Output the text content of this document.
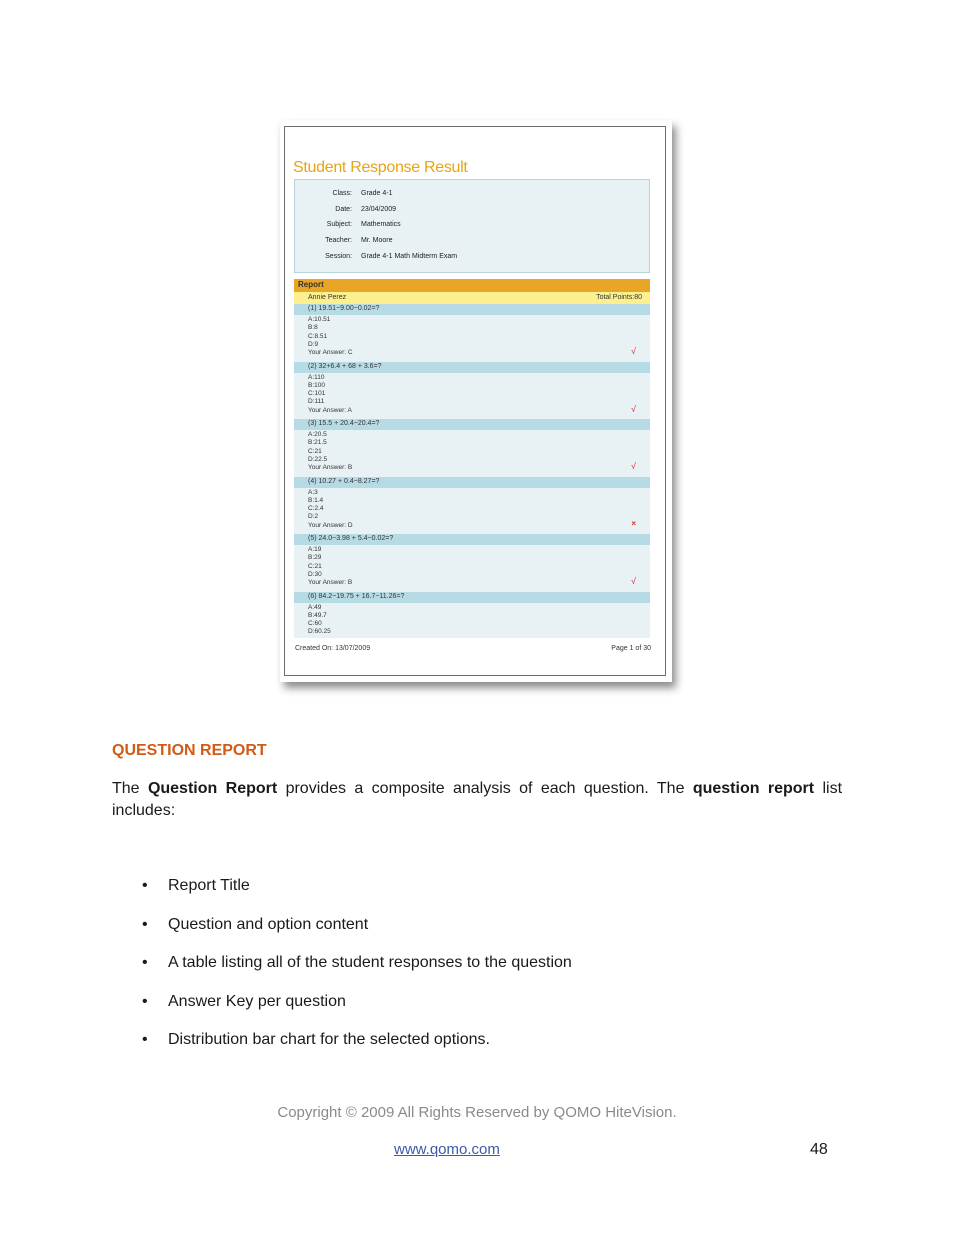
Student Response Result
Class: Grade 4-1
Date: 23/04/2009
Subject: Mathematics
Teacher: Mr. Moore
Session: Grade 4-1 Math Midterm Exam
Report
Annie Perez	Total Points:80
(1) 19.51−9.00−0.02=?
A:10.51
B:8
C:8.51
D:9
Your Answer: C	√
(2) 32+6.4 + 68 + 3.6=?
A:110
B:100
C:101
D:111
Your Answer: A	√
(3) 15.5 + 20.4−20.4=?
A:20.5
B:21.5
C:21
D:22.5
Your Answer: B	√
(4) 10.27 + 0.4−8.27=?
A:3
B:1.4
C:2.4
D:2
Your Answer: D	×
(5) 24.0−3.98 + 5.4−0.02=?
A:19
B:29
C:21
D:30
Your Answer: B	√
(6) 84.2−19.75 + 16.7−11.26=?
A:49
B:49.7
C:60
D:60.25
Created On: 13/07/2009	Page 1 of 30
QUESTION REPORT
The Question Report provides a composite analysis of each question. The question report list includes:
• Report Title
• Question and option content
• A table listing all of the student responses to the question
• Answer Key per question
• Distribution bar chart for the selected options.
Copyright © 2009 All Rights Reserved by QOMO HiteVision.
www.qomo.com	48
